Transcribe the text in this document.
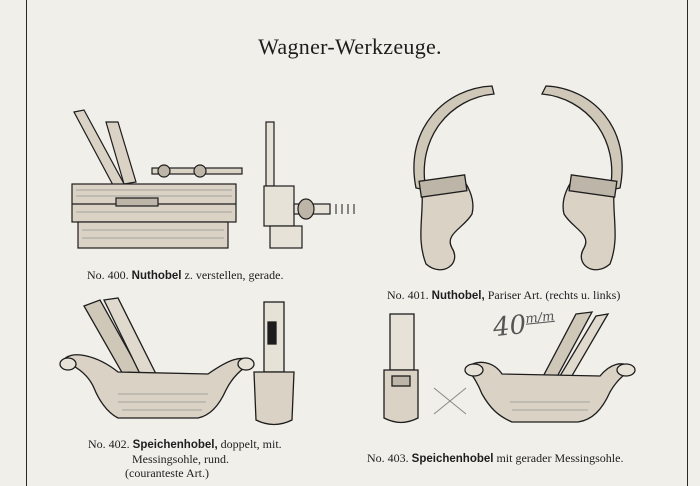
Wagner-Werkzeuge.
$40^{m/m}$
No. 400. Nuthobel z. verstellen, gerade.
No. 401. Nuthobel, Pariser Art. (rechts u. links)
No. 402. Speichenhobel, doppelt, mit.
Messingsohle, rund.
(couranteste Art.)
No. 403. Speichenhobel mit gerader Messingsohle.
